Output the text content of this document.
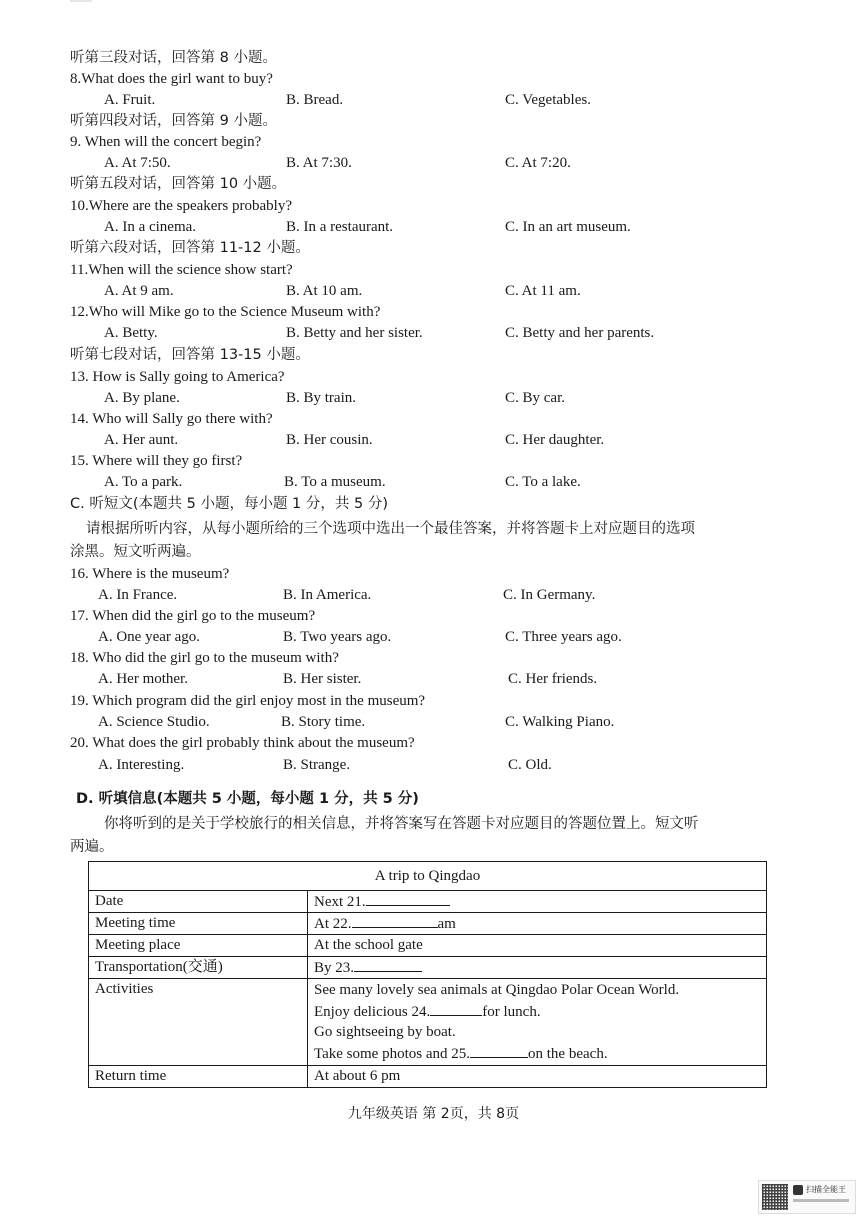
听第三段对话，回答第 8 小题。
8.What does the girl want to buy?
A. Fruit.	B. Bread.	C. Vegetables.
听第四段对话，回答第 9 小题。
9. When will the concert begin?
A. At 7:50.	B. At 7:30.	C. At 7:20.
听第五段对话，回答第 10 小题。
10.Where are the speakers probably?
A. In a cinema.	B. In a restaurant.	C. In an art museum.
听第六段对话，回答第 11-12 小题。
11.When will the science show start?
A. At 9 am.	B. At 10 am.	C. At 11 am.
12.Who will Mike go to the Science Museum with?
A. Betty.	B. Betty and her sister.	C. Betty and her parents.
听第七段对话，回答第 13-15 小题。
13. How is Sally going to America?
A. By plane.	B. By train.	C. By car.
14. Who will Sally go there with?
A. Her aunt.	B. Her cousin.	C. Her daughter.
15. Where will they go first?
A. To a park.	B. To a museum.	C. To a lake.
C. 听短文(本题共 5 小题，每小题 1 分，共 5 分)
请根据所听内容，从每小题所给的三个选项中选出一个最佳答案，并将答题卡上对应题目的选项
涂黑。短文听两遍。
16. Where is the museum?
A. In France.	B. In America.	C. In Germany.
17. When did the girl go to the museum?
A. One year ago.	B. Two years ago.	C. Three years ago.
18. Who did the girl go to the museum with?
A. Her mother.	B. Her sister.	C. Her friends.
19. Which program did the girl enjoy most in the museum?
A. Science Studio.	B. Story time.	C. Walking Piano.
20. What does the girl probably think about the museum?
A. Interesting.	B. Strange.	C. Old.
D. 听填信息(本题共 5 小题，每小题 1 分，共 5 分)
你将听到的是关于学校旅行的相关信息，并将答案写在答题卡对应题目的答题位置上。短文听
两遍。
A trip to Qingdao	
Date	Next 21.
Meeting time	At 22. am
Meeting place	At the school gate
Transportation(交通)	By 23.
Activities	See many lovely sea animals at Qingdao Polar Ocean World.
Enjoy delicious 24. for lunch.
Go sightseeing by boat.
Take some photos and 25. on the beach.

Return time	At about 6 pm
九年级英语 第 2页，共 8页
扫描全能王
